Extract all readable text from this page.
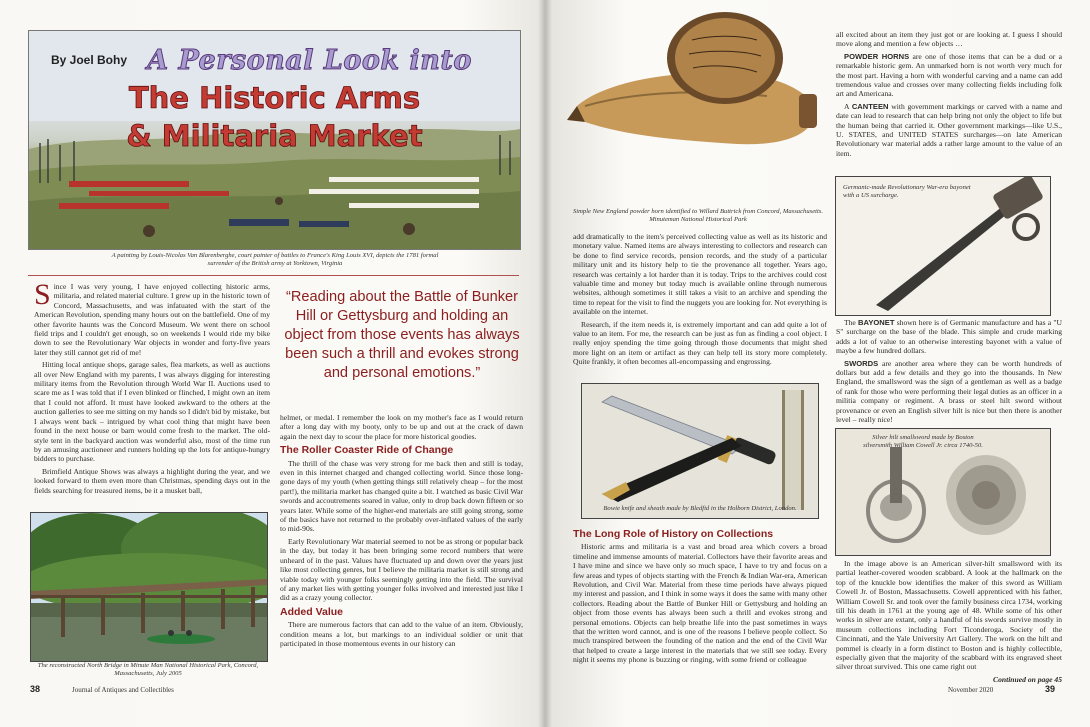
By Joel Bohy A Personal Look into
The Historic Arms
& Militaria Market
A painting by Louis-Nicolas Van Blarenberghe, court painter of battles to France's King Louis XVI, depicts the 1781 formal surrender of the British army at Yorktown, Virginia

Since I was very young, I have enjoyed collecting historic arms, militaria, and related material culture. I grew up in the historic town of Concord, Massachusetts, and was infatuated with the start of the American Revolution, spending many hours out on the battlefield. One of my other favorite haunts was the Concord Museum. We went there on school field trips and I couldn't get enough, so on weekends I would ride my bike down to see the Revolutionary War objects in wonder and forty-five years later they still cannot get rid of me!

Hitting local antique shops, garage sales, flea markets, as well as auctions all over New England with my parents, I was always digging for interesting military items from the Revolution through World War II. Auctions used to scare me as I was told that if I even blinked or flinched, I might own an item that I could not afford. It must have looked awkward to the others at the auction galleries to see me sitting on my hands so I didn't bid by mistake, but I always went back – intrigued by what cool thing that might have been found in the next house or barn would come fresh to the market. The old-style tent in the backyard auction was wonderful also, most of the time run by an amusing auctioneer and runners holding up the lots for antique-hungry bidders to purchase.

Brimfield Antique Shows was always a highlight during the year, and we looked forward to them even more than Christmas, spending days out in the fields searching for treasured items, be it a musket ball,

“Reading about the Battle of Bunker Hill or Gettysburg and holding an object from those events has always been such a thrill and evokes strong and personal emotions.”
The reconstructed North Bridge in Minute Man National Historical Park, Concord, Massachusetts, July 2005

helmet, or medal. I remember the look on my mother's face as I would return after a long day with my booty, only to be up and out at the crack of dawn again the next day to scour the place for more historical goodies.

The Roller Coaster Ride of Change

The thrill of the chase was very strong for me back then and still is today, even in this internet charged and changed collecting world. Since those long-gone days of my youth (when getting things still relatively cheap – for the most part!), the militaria market has changed quite a bit. I watched as basic Civil War swords and accoutrements soared in value, only to drop back down fifteen or so years later. While some of the higher-end materials are still going strong, some of the basics have not returned to the probably over-inflated values of the early to mid-90s.

Early Revolutionary War material seemed to not be as strong or popular back in the day, but today it has been bringing some record numbers that were unheard of in the past. Values have fluctuated up and down over the years just like most collecting genres, but I believe the militaria market is still strong and viable today with younger folks seemingly getting into the field. The survival of any market lies with getting younger folks involved and interested just like I did as a crazy young collector.

Added Value

There are numerous factors that can add to the value of an item. Obviously, condition means a lot, but markings to an individual soldier or unit that participated in those momentous events in our history can

38	Journal of Antiques and Collectibles
Simple New England powder horn identified to Willard Buttrick from Concord, Massachusetts. Minuteman National Historical Park

add dramatically to the item's perceived collecting value as well as its historic and monetary value. Named items are always interesting to collectors and research can be done to find service records, pension records, and the study of a particular military unit and its history help to tie the provenance all together. Years ago, research was certainly a lot harder than it is today. Trips to the archives could cost valuable time and money but today much is available online through numerous websites, although sometimes it still takes a visit to an archive and spending the time to repeat for the visit to find the nuggets you are looking for. Not everything is available on the internet.

Research, if the item needs it, is extremely important and can add quite a lot of value to an item. For me, the research can be just as fun as finding a cool object. I really enjoy spending the time going through those documents that might shed more light on an item or artifact as they can help tell its story more completely. Quite frankly, it often becomes all-encompassing and engrossing.

Bowie knife and sheath made by Bledfid in the Holborn District, London.
The Long Role of History on Collections

Historic arms and militaria is a vast and broad area which covers a broad timeline and immense amounts of material. Collectors have their favorite areas and I have mine and since we have only so much space, I have to try and focus on a few areas and types of objects starting with the French & Indian War-era, American Revolution, and Civil War. Material from these time periods have always piqued my interest and passion, and I think in some ways it does the same with many other collectors. Reading about the Battle of Bunker Hill or Gettysburg and holding an object from those events has always been such a thrill and evokes strong and personal emotions. Objects can help breathe life into the past sometimes in ways that the written word cannot, and is one of the reasons I believe people collect. So much transpired between the founding of the nation and the end of the Civil War that helped to create a large interest in the materials that we still see today. Every night it seems my phone is buzzing or ringing, with some friend or colleague

all excited about an item they just got or are looking at. I guess I should move along and mention a few objects …

POWDER HORNS are one of those items that can be a dud or a remarkable historic gem. An unmarked horn is not worth very much for the most part. Having a horn with wonderful carving and a name can add tremendous value and crosses over many collecting fields including folk art and Americana.

A CANTEEN with government markings or carved with a name and date can lead to research that can help bring not only the object to life but the human being that carried it. Other government markings—like U.S., U. STATES, and UNITED STATES surcharges—on late American Revolutionary war material adds a rather large amount to the value of an item.

Germanic-made Revolutionary War-era bayonet with a US surcharge.

The BAYONET shown here is of Germanic manufacture and has a "U S" surcharge on the base of the blade. This simple and crude marking adds a lot of value to an otherwise interesting bayonet with a value of maybe a few hundred dollars.

SWORDS are another area where they can be worth hundreds of dollars but add a few details and they go into the thousands. In New England, the smallsword was the sign of a gentleman as well as a badge of rank for those who were performing their legal duties as an officer in a militia company or regiment. A brass or steel hilt sword without provenance or even an English silver hilt is nice but then there is another level – really nice!

Silver hilt smallsword made by Boston silversmith William Cowell Jr. circa 1740-50.

In the image above is an American silver-hilt smallsword with its partial leather-covered wooden scabbard. A look at the hallmark on the top of the knuckle bow identifies the maker of this sword as William Cowell Jr. of Boston, Massachusetts. Cowell apprenticed with his father, William Cowell Sr. and took over the family business circa 1734, working till his death in 1761 at the young age of 48. While some of his other works in silver are extant, only a handful of his swords survive mostly in museum collections including Fort Ticonderoga, Society of the Cincinnati, and the Yale University Art Gallery. The work on the hilt and pommel is clearly in a form distinct to Boston and is highly collectible, especially given that the majority of the scabbard with its engraved sheet silver throat survived. This one came right out

Continued on page 45

November 2020	39
